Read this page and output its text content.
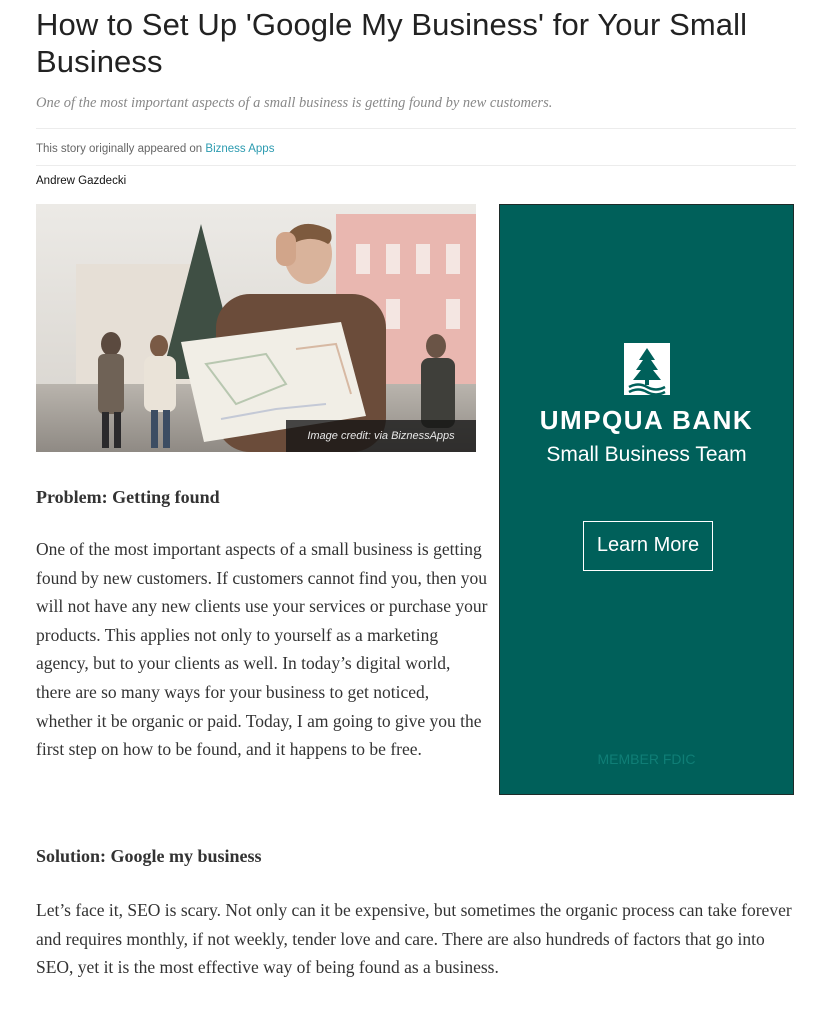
How to Set Up 'Google My Business' for Your Small Business

One of the most important aspects of a small business is getting found by new customers.

This story originally appeared on Bizness Apps

Andrew Gazdecki

Image credit: via BiznessApps
UMPQUA BANK
Small Business Team
Learn More
MEMBER FDIC
Problem: Getting found

One of the most important aspects of a small business is getting found by new customers. If customers cannot find you, then you will not have any new clients use your services or purchase your products. This applies not only to yourself as a marketing agency, but to your clients as well. In today’s digital world, there are so many ways for your business to get noticed, whether it be organic or paid. Today, I am going to give you the first step on how to be found, and it happens to be free.

Solution: Google my business

Let’s face it, SEO is scary. Not only can it be expensive, but sometimes the organic process can take forever and requires monthly, if not weekly, tender love and care. There are also hundreds of factors that go into SEO, yet it is the most effective way of being found as a business.
